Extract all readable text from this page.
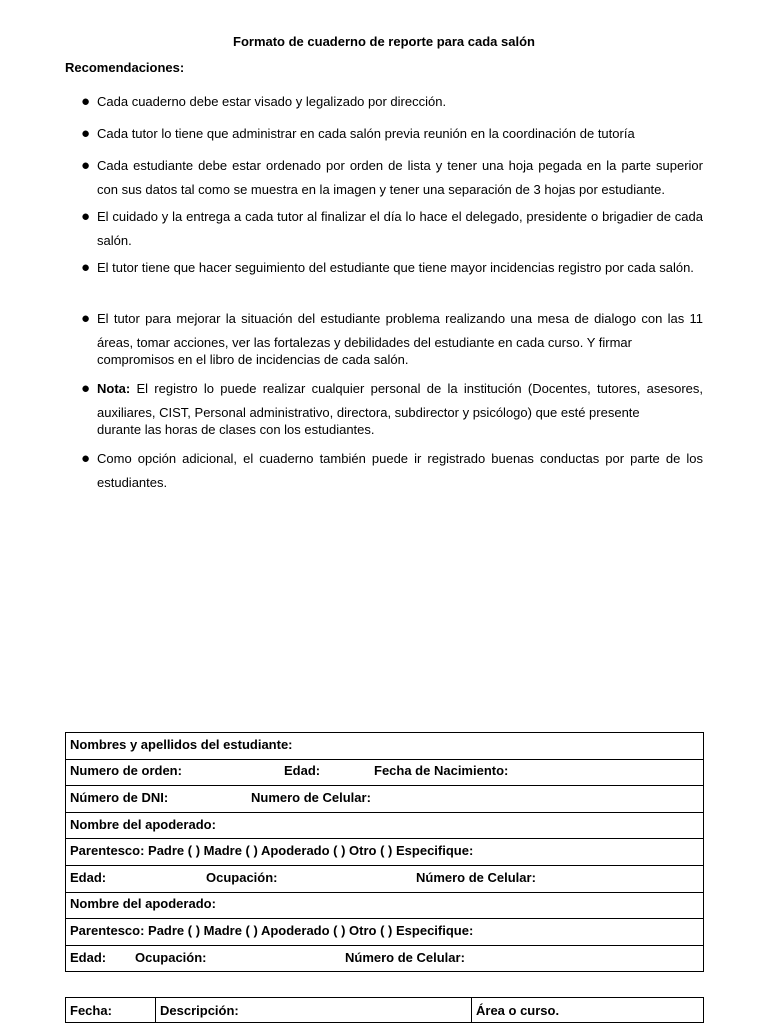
Formato de cuaderno de reporte para cada salón
Recomendaciones:
● Cada cuaderno debe estar visado y legalizado por dirección.
● Cada tutor lo tiene que administrar en cada salón previa reunión en la coordinación de tutoría
● Cada estudiante debe estar ordenado por orden de lista y tener una hoja pegada en la parte superior con sus datos tal como se muestra en la imagen y tener una separación de 3 hojas por estudiante.
● El cuidado y la entrega a cada tutor al finalizar el día lo hace el delegado, presidente o brigadier de cada salón.
● El tutor tiene que hacer seguimiento del estudiante que tiene mayor incidencias registro por cada salón.
● El tutor para mejorar la situación del estudiante problema realizando una mesa de dialogo con las 11 áreas, tomar acciones, ver las fortalezas y debilidades del estudiante en cada curso. Y firmar
compromisos en el libro de incidencias de cada salón.
● Nota: El registro lo puede realizar cualquier personal de la institución (Docentes, tutores, asesores, auxiliares, CIST, Personal administrativo, directora, subdirector y psicólogo) que esté presente
durante las horas de clases con los estudiantes.
● Como opción adicional, el cuaderno también puede ir registrado buenas conductas por parte de los estudiantes.
Nombres y apellidos del estudiante:

Numero de orden:	Edad:	Fecha de Nacimiento:

Número de DNI:	Numero de Celular:

Nombre del apoderado:

Parentesco: Padre ( ) Madre ( ) Apoderado ( ) Otro ( ) Especifique:

Edad:	Ocupación:	Número de Celular:

Nombre del apoderado:

Parentesco: Padre ( ) Madre ( ) Apoderado ( ) Otro ( ) Especifique:

Edad: Ocupación:	Número de Celular:
Fecha:	Descripción:	Área o curso.
